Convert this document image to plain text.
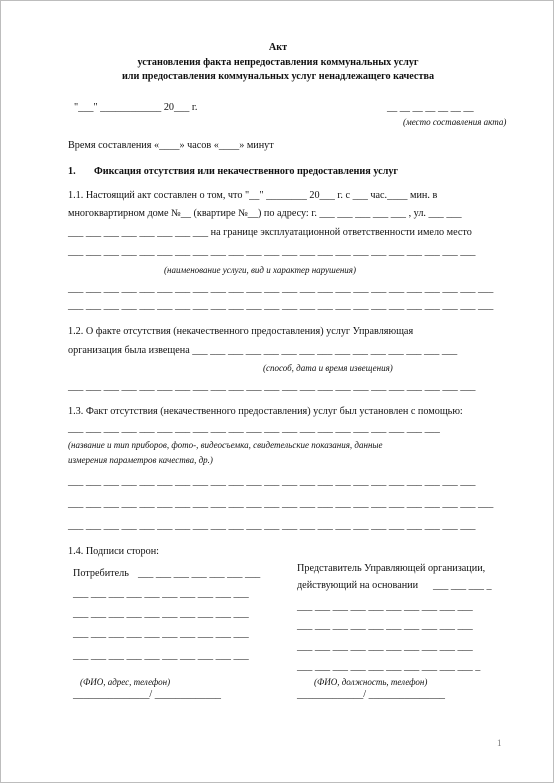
Акт
установления факта непредоставления коммунальных услуг
или предоставления коммунальных услуг ненадлежащего качества
"___" ____________ 20___ г.	__ __ __ __ __ __ __
(место составления акта)
Время составления «____» часов «____» минут
1. Фиксация отсутствия или некачественного предоставления услуг
1.1. Настоящий акт составлен о том, что "__" ________ 20___ г. с ___ час.____ мин. в
многоквартирном доме №__ (квартире №__) по адресу: г. ___ ___ ___ ___ ___ , ул. ___ ___
___ ___ ___ ___ ___ ___ ___ ___ на границе эксплуатационной ответственности имело место
___ ___ ___ ___ ___ ___ ___ ___ ___ ___ ___ ___ ___ ___ ___ ___ ___ ___ ___ ___ ___ ___ ___
(наименование услуги, вид и характер нарушения)
___ ___ ___ ___ ___ ___ ___ ___ ___ ___ ___ ___ ___ ___ ___ ___ ___ ___ ___ ___ ___ ___ ___ ___
___ ___ ___ ___ ___ ___ ___ ___ ___ ___ ___ ___ ___ ___ ___ ___ ___ ___ ___ ___ ___ ___ ___ ___
1.2. О факте отсутствия (некачественного предоставления) услуг Управляющая
организация была извещена ___ ___ ___ ___ ___ ___ ___ ___ ___ ___ ___ ___ ___ ___ ___
(способ, дата и время извещения)
___ ___ ___ ___ ___ ___ ___ ___ ___ ___ ___ ___ ___ ___ ___ ___ ___ ___ ___ ___ ___ ___ ___
1.3. Факт отсутствия (некачественного предоставления) услуг был установлен с помощью:
___ ___ ___ ___ ___ ___ ___ ___ ___ ___ ___ ___ ___ ___ ___ ___ ___ ___ ___ ___ ___
(название и тип приборов, фото-, видеосъемка, свидетельские показания, данные
измерения параметров качества, др.)
___ ___ ___ ___ ___ ___ ___ ___ ___ ___ ___ ___ ___ ___ ___ ___ ___ ___ ___ ___ ___ ___ ___
___ ___ ___ ___ ___ ___ ___ ___ ___ ___ ___ ___ ___ ___ ___ ___ ___ ___ ___ ___ ___ ___ ___ ___
___ ___ ___ ___ ___ ___ ___ ___ ___ ___ ___ ___ ___ ___ ___ ___ ___ ___ ___ ___ ___ ___ ___
1.4. Подписи сторон:
Потребитель ___ ___ ___ ___ ___ ___ ___
___ ___ ___ ___ ___ ___ ___ ___ ___ ___
___ ___ ___ ___ ___ ___ ___ ___ ___ ___
___ ___ ___ ___ ___ ___ ___ ___ ___ ___
___ ___ ___ ___ ___ ___ ___ ___ ___ ___
(ФИО, адрес, телефон)
_______________/ _____________
Представитель Управляющей организации,
действующий на основании ___ ___ ___ _
___ ___ ___ ___ ___ ___ ___ ___ ___ ___
___ ___ ___ ___ ___ ___ ___ ___ ___ ___
___ ___ ___ ___ ___ ___ ___ ___ ___ ___
___ ___ ___ ___ ___ ___ ___ ___ ___ ___ _
(ФИО, должность, телефон)
_____________/ _______________
1
